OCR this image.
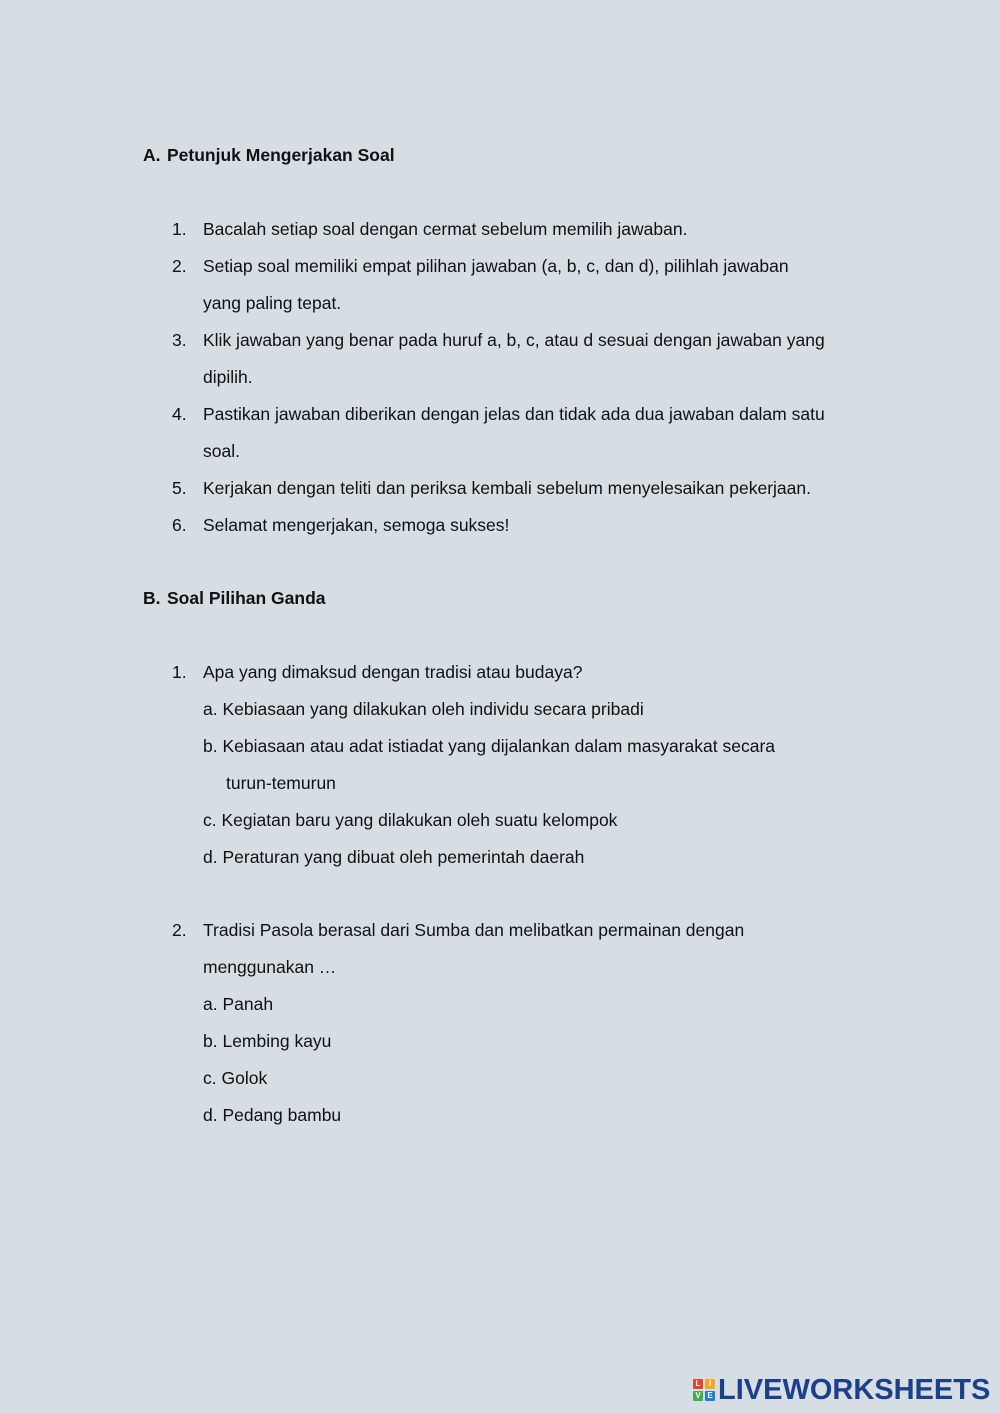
A. Petunjuk Mengerjakan Soal
1. Bacalah setiap soal dengan cermat sebelum memilih jawaban.
2. Setiap soal memiliki empat pilihan jawaban (a, b, c, dan d), pilihlah jawaban
yang paling tepat.
3. Klik jawaban yang benar pada huruf a, b, c, atau d sesuai dengan jawaban yang
dipilih.
4. Pastikan jawaban diberikan dengan jelas dan tidak ada dua jawaban dalam satu
soal.
5. Kerjakan dengan teliti dan periksa kembali sebelum menyelesaikan pekerjaan.
6. Selamat mengerjakan, semoga sukses!
B. Soal Pilihan Ganda
1. Apa yang dimaksud dengan tradisi atau budaya?
a. Kebiasaan yang dilakukan oleh individu secara pribadi
b. Kebiasaan atau adat istiadat yang dijalankan dalam masyarakat secara
turun-temurun
c. Kegiatan baru yang dilakukan oleh suatu kelompok
d. Peraturan yang dibuat oleh pemerintah daerah
2. Tradisi Pasola berasal dari Sumba dan melibatkan permainan dengan
menggunakan …
a. Panah
b. Lembing kayu
c. Golok
d. Pedang bambu
L	I
V E LIVEWORKSHEETS
